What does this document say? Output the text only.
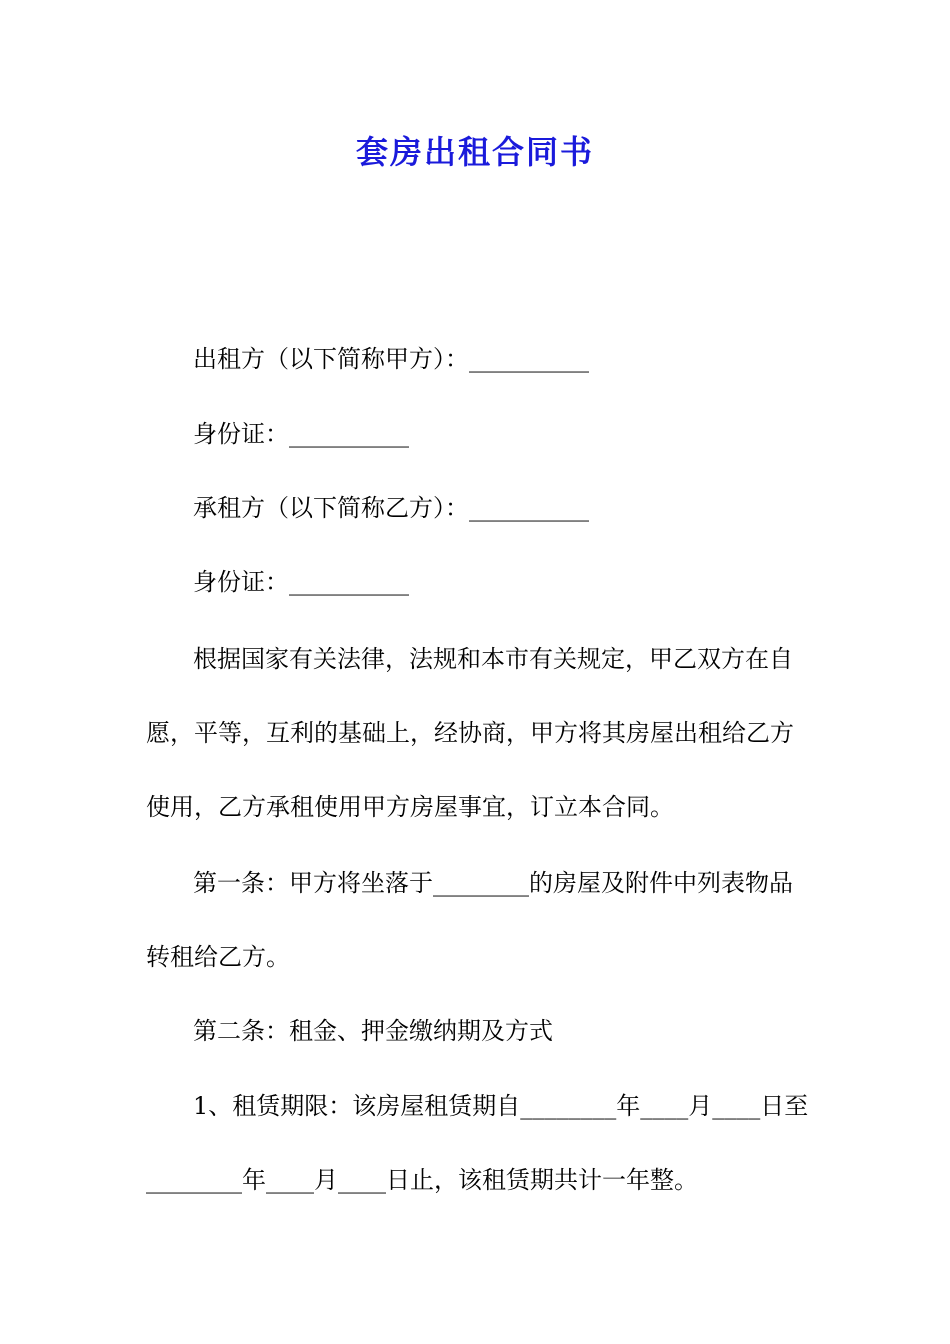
套房出租合同书
出租方（以下简称甲方）：__________
身份证：__________
承租方（以下简称乙方）：__________
身份证：__________
根据国家有关法律，法规和本市有关规定，甲乙双方在自
愿，平等，互利的基础上，经协商，甲方将其房屋出租给乙方
使用，乙方承租使用甲方房屋事宜，订立本合同。
第一条：甲方将坐落于________的房屋及附件中列表物品
转租给乙方。
第二条：租金、押金缴纳期及方式
1、租赁期限：该房屋租赁期自________年____月____日至
________年____月____日止，该租赁期共计一年整。
